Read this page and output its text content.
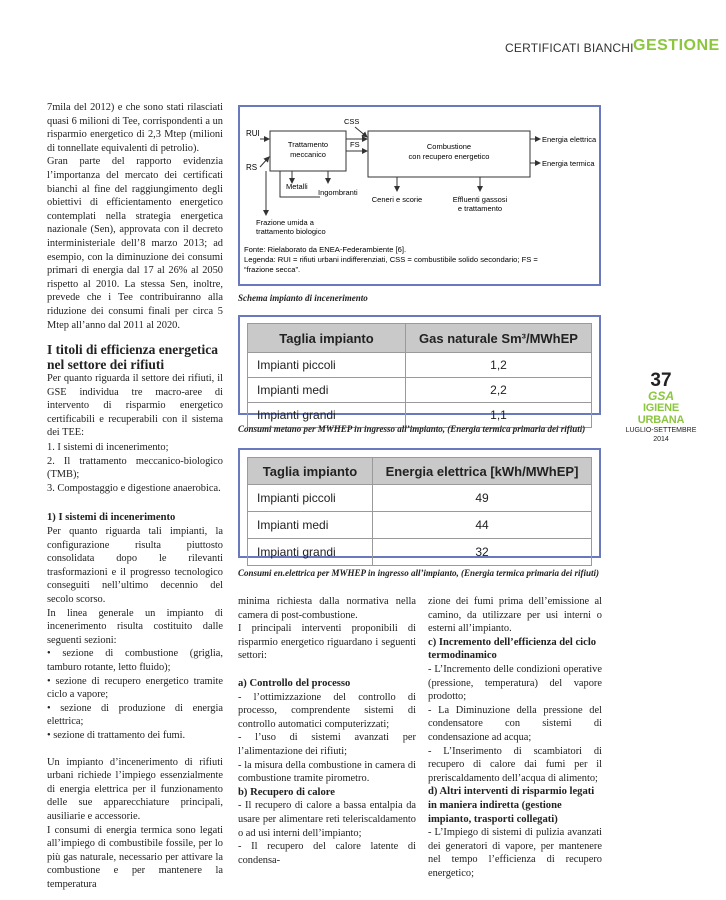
CERTIFICATI BIANCHI GESTIONE

7mila del 2012) e che sono stati rilasciati quasi 6 milioni di Tee, corrispondenti a un risparmio energetico di 2,3 Mtep (milioni di tonnellate equivalenti di petrolio).

Gran parte del rapporto evidenzia l’importanza del mercato dei certificati bianchi al fine del raggiungimento degli obiettivi di efficientamento energetico contemplati nella strategia energetica nazionale (Sen), approvata con il decreto interministeriale dell’8 marzo 2013; ad esempio, con la diminuzione dei consumi primari di energia dal 17 al 26% al 2050 rispetto al 2010. La stessa Sen, inoltre, prevede che i Tee contribuiranno alla riduzione dei consumi finali per circa 5 Mtep all’anno dal 2011 al 2020.

I titoli di efficienza energetica nel settore dei rifiuti

Per quanto riguarda il settore dei rifiuti, il GSE individua tre macro-aree di intervento di risparmio energetico certificabili e recuperabili con il sistema dei TEE:

1. I sistemi di incenerimento;
2. Il trattamento meccanico-biologico (TMB);
3. Compostaggio e digestione anaerobica.
1) I sistemi di incenerimento

Per quanto riguarda tali impianti, la configurazione risulta piuttosto consolidata dopo le rilevanti trasformazioni e il progresso tecnologico conseguiti nell’ultimo decennio del secolo scorso.

In linea generale un impianto di incenerimento risulta costituito dalle seguenti sezioni:

• sezione di combustione (griglia, tamburo rotante, letto fluido);
• sezione di recupero energetico tramite ciclo a vapore;
• sezione di produzione di energia elettrica;
• sezione di trattamento dei fumi.

Un impianto d’incenerimento di rifiuti urbani richiede l’impiego essenzialmente di energia elettrica per il funzionamento delle sue apparecchiature principali, ausiliarie e accessorie.

I consumi di energia termica sono legati all’impiego di combustibile fossile, per lo più gas naturale, necessario per attivare la combustione e per mantenere la temperatura

RUI
RS
Trattamento
meccanico
CSS
FS	Combustione
con recupero energetico
Energia elettrica
Energia termica
Metalli
Ingombranti
Frazione umida a
trattamento biologico
Ceneri e scorie	Effluenti gassosi
e trattamento
Fonte: Rielaborato da ENEA-Federambiente [6].
Legenda: RUI = rifiuti urbani indifferenziati, CSS = combustibile solido secondario; FS =
“frazione secca”.
Schema impianto di incenerimento
Taglia impianto	Gas naturale Sm³/MWhEP
Impianti piccoli	1,2
Impianti medi	2,2
Impianti grandi	1,1
Consumi metano per MWHEP in ingresso all’impianto, (Energia termica primaria dei rifiuti)
Taglia impianto	Energia elettrica [kWh/MWhEP]
Impianti piccoli	49
Impianti medi	44
Impianti grandi	32
Consumi en.elettrica per MWHEP in ingresso all’impianto, (Energia termica primaria dei rifiuti)

minima richiesta dalla normativa nella camera di post-combustione.

I principali interventi proponibili di risparmio energetico riguardano i seguenti settori:

a) Controllo del processo

- l’ottimizzazione del controllo di processo, comprendente sistemi di controllo automatici computerizzati;

- l’uso di sistemi avanzati per l’alimentazione dei rifiuti;

- la misura della combustione in camera di combustione tramite pirometro.

b) Recupero di calore

- Il recupero di calore a bassa entalpia da usare per alimentare reti teleriscaldamento o ad usi interni dell’impianto;

- Il recupero del calore latente di condensa-

zione dei fumi prima dell’emissione al camino, da utilizzare per usi interni o esterni all’impianto.

c) Incremento dell’efficienza del ciclo termodinamico

- L’Incremento delle condizioni operative (pressione, temperatura) del vapore prodotto;

- La Diminuzione della pressione del condensatore con sistemi di condensazione ad acqua;

- L’Inserimento di scambiatori di recupero di calore dai fumi per il preriscaldamento dell’acqua di alimento;

d) Altri interventi di risparmio legati in maniera indiretta (gestione impianto, trasporti collegati)

- L’Impiego di sistemi di pulizia avanzati dei generatori di vapore, per mantenere nel tempo l’efficienza di recupero energetico;

37
GSA
IGIENE URBANA
LUGLIO-SETTEMBRE 2014
